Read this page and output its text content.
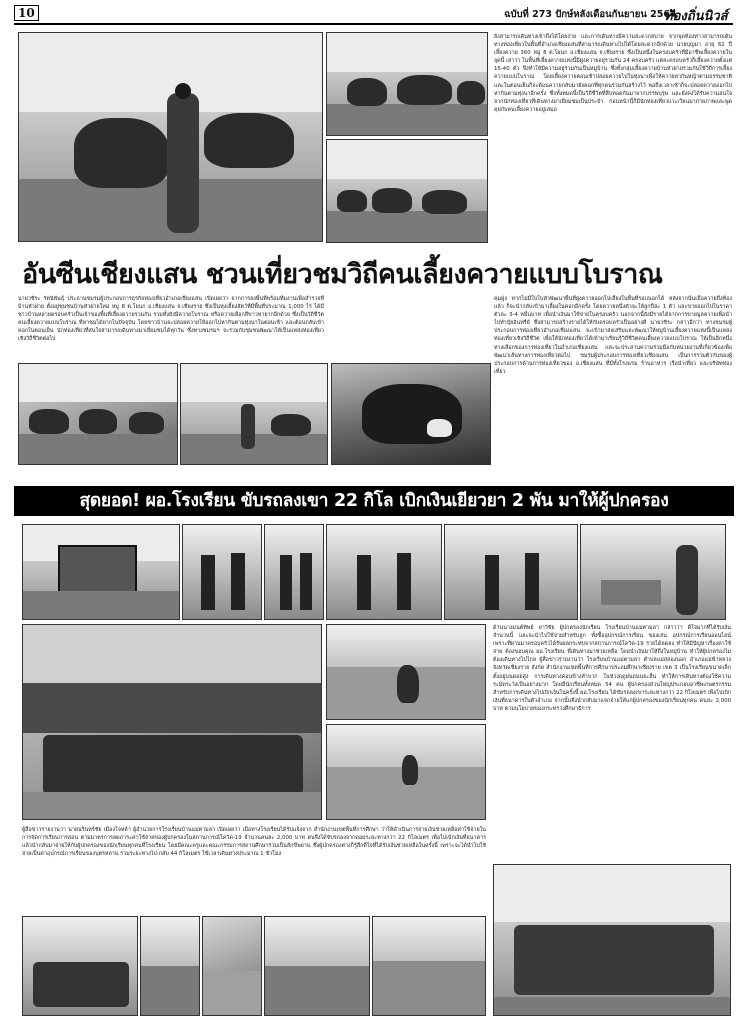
10	ฉบับที่ 273 ปักษ์หลังเดือนกันยายน 2564
ท้องถิ่นนิวส์

ยังสามารถเดินทางเข้าถึงได้โดยง่าย และการเดินทางมีความสะดวกสบาย จากจุดท้องท่าวสามารถเดินทางท่องเที่ยวในพื้นที่อำเภอเชียงแสนที่สามารถเดินทางไปได้โดยสะดวกอีกด้วย นายบุญมา อายุ 62 ปี เลี้ยงควาย 360 หมู่ 8 ต.โยนก อ.เชียงแสน จ.เชียงราย ซึ่งเป็นหนึ่งในครอบครัวที่มีอาชีพเลี้ยงควายในจุดนี้ เล่าว่า ในพื้นที่เลี้ยงควายแห่งนี้มีฝูงควายอยู่รวมกัน 24 ครอบครัว แต่ละครอบครัวก็เลี้ยงควายตั้งแต่ 15-40 ตัว จึงทำให้มีความอยู่ร่วมกันเป็นหมู่บ้าน ซึ่งทั้งกลุ่มเลี้ยงควายบ้านหัวฝายรวมกันใช้วิถีการเลี้ยงควายแบบโบราณ โดยเลี้ยงควายตอนเช้าปล่อยควายไปในทุ่งนาเพื่อให้ควายหากินหญ้าตามธรรมชาติ และในตอนเย็นก็จะต้อนควายกลับมายังคอกที่ทุกคนร่วมกันสร้างไว้ พอถึงเวลาเช้าก็จะปล่อยควายออกไปหากินตามทุ่งนาอีกครั้ง ซึ่งทั้งหมดนี้เป็นวิถีชีวิตที่สืบทอดกันมาจากบรรพบุรุษ และยังคงได้รับความสนใจจากนักท่องเที่ยวที่เดินทางมาเยี่ยมชมเป็นประจำ ก่อนหน้านี้ก็มีนักท่องเที่ยวแวะเวียนมาถ่ายภาพและพูดคุยกับคนเลี้ยงควายอยู่เสมอ

อันซีนเชียงแสน ชวนเที่ยวชมวิถีคนเลี้ยงควายแบบโบราณ

นายวชิระ รัตนิพันธุ์ ประธานชมรมผู้ประกอบการธุรกิจท่องเที่ยวอำเภอเชียงแสน เปิดเผยว่า จากการลงพื้นที่พร้อมทีมงานเพื่อสำรวจที่บ้านหัวฝาย ตั้งอยู่ชุมชนบ้านหัวฝายใหม่ หมู่ 8 ต.โยนก อ.เชียงแสน จ.เชียงราย ซึ่งเป็นทุ่งเลี้ยงสัตว์ที่มีพื้นที่ประมาณ 1,000 ไร่ ได้มีชาวบ้านหลายครอบครัวเป็นเจ้าของพื้นที่เลี้ยงควายรวมกัน รวมทั้งยังมีควายโบราณ หรือควายเผือกสีขาวหายากอีกด้วย ซึ่งเป็นวิถีชีวิตคนเลี้ยงควายแบบโบราณ ที่หาชมได้ยากในปัจจุบัน โดยชาวบ้านจะปล่อยควายให้ออกไปหากินตามทุ่งนาในตอนเช้า และต้อนกลับเข้าคอกในตอนเย็น นักท่องเที่ยวที่สนใจสามารถเดินทางมาเยี่ยมชมได้ทุกวัน ซึ่งทางชมรมฯ จะร่วมกับชุมชนพัฒนาให้เป็นแหล่งท่องเที่ยวเชิงวิถีชีวิตต่อไป

คุมฝูง หากไม่มีใบใบหัวพัฒนาพื้นที่ฝูงควายออกไปเลี้ยงในพื้นที่รอบนอกได้ หลังจากนั้นเมื่อควายถึงท้องแล้ว ก็จะนำกลับเข้ามาเลี้ยงในคอกอีกครั้ง โดยควายหนึ่งตัวจะให้ลูกปีละ 1 ตัว และขายออกไปในราคาตัวละ 3-4 หมื่นบาท เพื่อนำเงินมาใช้จ่ายในครอบครัว นอกจากนี้ยังมีรายได้จากการขายมูลควายเพื่อนำไปทำปุ๋ยอินทรีย์ ซึ่งสามารถสร้างรายได้ให้กับครอบครัวเป็นอย่างดี นายวชิระ กล่าวอีกว่า ทางชมรมผู้ประกอบการท่องเที่ยวอำเภอเชียงแสน จะเข้ามาส่งเสริมและพัฒนาให้หมู่บ้านเลี้ยงควายแห่งนี้เป็นแหล่งท่องเที่ยวเชิงวิถีชีวิต เพื่อให้นักท่องเที่ยวได้เข้ามาเรียนรู้วิถีชีวิตคนเลี้ยงควายแบบโบราณ ให้เป็นอีกหนึ่งทางเลือกของการท่องเที่ยวในอำเภอเชียงแสน และจะประสานความร่วมมือกับหน่วยงานที่เกี่ยวข้องเพื่อพัฒนาเส้นทางการท่องเที่ยวต่อไป ชมรมผู้ประกอบการท่องเที่ยวเชียงแสน เป็นการรวมตัวกันของผู้ประกอบการด้านการท่องเที่ยวของ อ.เชียงแสน ที่มีทั้งโรงแรม ร้านอาหาร เรือนำเที่ยว และบริษัทท่องเที่ยว

สุดยอด! ผอ.โรงเรียน ขับรถลงเขา 22 กิโล เบิกเงินเยียวยา 2 พัน มาให้ผู้ปกครอง

ด้านนางมนต์ทิพย์ ยาวิชัย ผู้ปกครองนักเรียน โรงเรียนบ้านแม่ตามลา กล่าวว่า ดีใจมากที่ได้รับเงินจำนวนนี้ และจะนำไปใช้จ่ายสำหรับลูก ทั้งซื้ออุปกรณ์การเรียน ของเล่น อุปกรณ์การเรียนออนไลน์ เพราะที่ผ่านมาครอบครัวได้รับผลกระทบจากสถานการณ์โควิด-19 รายได้ลดลง ทำให้มีปัญหาเรื่องค่าใช้จ่าย ต้องขอบคุณ ผอ.โรงเรียน ที่เดินทางมาช่วยเหลือ โดยนำเงินมาให้ถึงในหมู่บ้าน ทำให้ผู้ปกครองไม่ต้องเดินทางไปไกล ผู้สื่อข่าวรายงานว่า โรงเรียนบ้านแม่ตามลา ตำบลแม่สลองนอก อำเภอแม่ฟ้าหลวง จังหวัดเชียงราย สังกัด สำนักงานเขตพื้นที่การศึกษาประถมศึกษาเชียงราย เขต 3 เป็นโรงเรียนขนาดเล็ก ตั้งอยู่บนดอยสูง การเดินทางค่อนข้างลำบาก ในช่วงฤดูฝนถนนจะลื่น ทำให้การเดินทางต้องใช้ความระมัดระวังเป็นอย่างมาก โดยมีนักเรียนทั้งหมด 54 คน ผู้ปกครองส่วนใหญ่ประกอบอาชีพเกษตรกรรม สำหรับการเดินทางไปเบิกเงินในครั้งนี้ ผอ.โรงเรียน ได้ขับรถลงเขาระยะทางกว่า 22 กิโลเมตร เพื่อไปเบิกเงินที่ธนาคารในตัวอำเภอ จากนั้นจึงนำกลับมาแจกจ่ายให้แก่ผู้ปกครองของนักเรียนทุกคน คนละ 2,000 บาท ตามนโยบายของกระทรวงศึกษาธิการ

ผู้สื่อข่าวรายงานว่า นายนรินทร์ชัย เมืองใจหล้า ผู้อำนวยการโรงเรียนบ้านแม่ตามลา เปิดเผยว่า เมื่อทางโรงเรียนได้รับแจ้งจาก สำนักงานเขตพื้นที่การศึกษา ว่าให้ดำเนินการจ่ายเงินช่วยเหลือค่าใช้จ่ายในการจัดการเรียนการสอน ตามมาตรการลดภาระค่าใช้จ่ายของผู้ปกครองในสถานการณ์โควิด-19 จำนวนคนละ 2,000 บาท ตนจึงได้ขับรถลงจากดอยระยะทางกว่า 22 กิโลเมตร เพื่อไปเบิกเงินที่ธนาคาร แล้วนำกลับมาจ่ายให้กับผู้ปกครองของนักเรียนทุกคนที่โรงเรียน โดยมีคณะครูและคณะกรรมการสถานศึกษาร่วมเป็นสักขีพยาน ซึ่งผู้ปกครองต่างก็รู้สึกดีใจที่ได้รับเงินช่วยเหลือในครั้งนี้ เพราะจะได้นำไปใช้จ่ายเป็นค่าอุปกรณ์การเรียนของบุตรหลาน รวมระยะทางไป-กลับ 44 กิโลเมตร ใช้เวลาเดินทางประมาณ 1 ชั่วโมง
